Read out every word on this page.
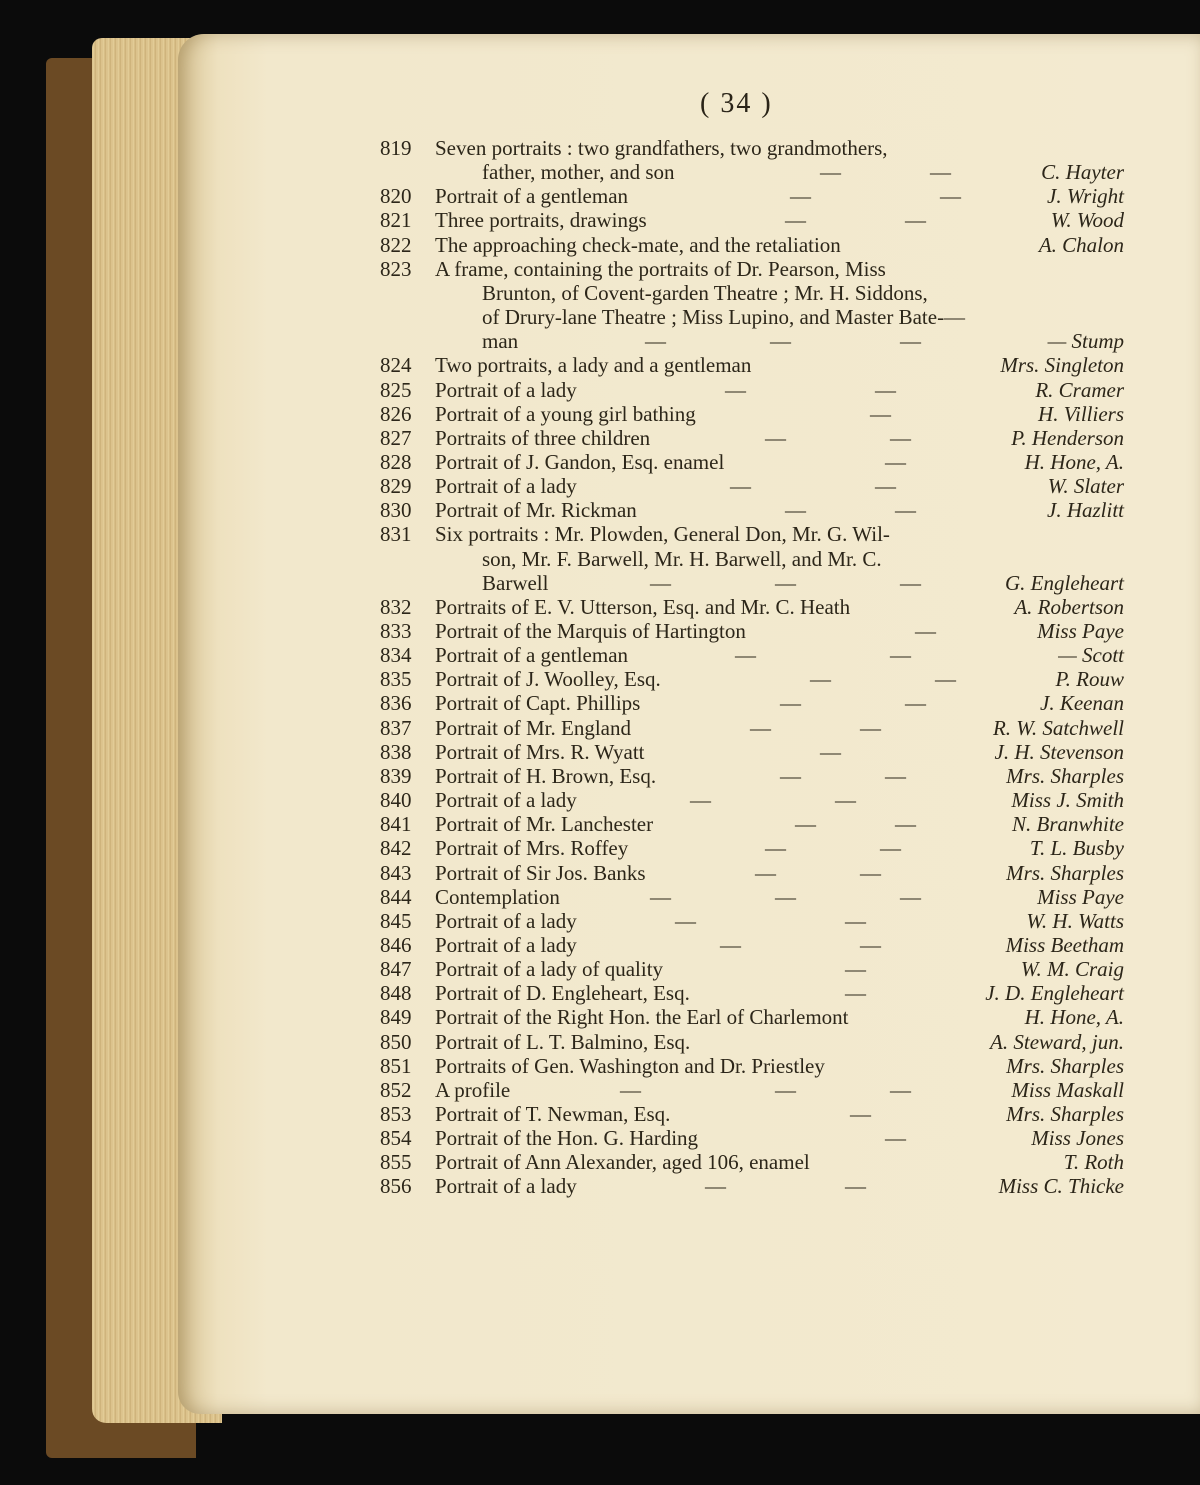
( 34 )
819	Seven portraits : two grandfathers, two grandmothers,
father, mother, and son	—	—	C. Hayter
820	Portrait of a gentleman	—	—	J. Wright
821	Three portraits, drawings	—	—	W. Wood
822	The approaching check-mate, and the retaliation	A. Chalon
823	A frame, containing the portraits of Dr. Pearson, Miss
Brunton, of Covent-garden Theatre ; Mr. H. Siddons,
of Drury-lane Theatre ; Miss Lupino, and Master Bate-—
man	—	—	—	— Stump
824	Two portraits, a lady and a gentleman	Mrs. Singleton
825	Portrait of a lady	—	—	R. Cramer
826	Portrait of a young girl bathing	—	H. Villiers
827	Portraits of three children	—	—	P. Henderson
828	Portrait of J. Gandon, Esq. enamel	—	H. Hone, A.
829	Portrait of a lady	—	—	W. Slater
830	Portrait of Mr. Rickman	—	—	J. Hazlitt
831	Six portraits : Mr. Plowden, General Don, Mr. G. Wil-
son, Mr. F. Barwell, Mr. H. Barwell, and Mr. C.
Barwell	—	—	—	G. Engleheart
832	Portraits of E. V. Utterson, Esq. and Mr. C. Heath	A. Robertson
833	Portrait of the Marquis of Hartington	—	Miss Paye
834	Portrait of a gentleman	—	—	— Scott
835	Portrait of J. Woolley, Esq.	—	—	P. Rouw
836	Portrait of Capt. Phillips	—	—	J. Keenan
837	Portrait of Mr. England	—	—	R. W. Satchwell
838	Portrait of Mrs. R. Wyatt	—	J. H. Stevenson
839	Portrait of H. Brown, Esq.	—	—	Mrs. Sharples
840	Portrait of a lady	—	—	Miss J. Smith
841	Portrait of Mr. Lanchester	—	—	N. Branwhite
842	Portrait of Mrs. Roffey	—	—	T. L. Busby
843	Portrait of Sir Jos. Banks	—	—	Mrs. Sharples
844	Contemplation	—	—	—	Miss Paye
845	Portrait of a lady	—	—	W. H. Watts
846	Portrait of a lady	—	—	Miss Beetham
847	Portrait of a lady of quality	—	W. M. Craig
848	Portrait of D. Engleheart, Esq.	—	J. D. Engleheart
849	Portrait of the Right Hon. the Earl of Charlemont	H. Hone, A.
850	Portrait of L. T. Balmino, Esq.	A. Steward, jun.
851	Portraits of Gen. Washington and Dr. Priestley	Mrs. Sharples
852	A profile	—	—	—	Miss Maskall
853	Portrait of T. Newman, Esq.	—	Mrs. Sharples
854	Portrait of the Hon. G. Harding	—	Miss Jones
855	Portrait of Ann Alexander, aged 106, enamel	T. Roth
856	Portrait of a lady	—	—	Miss C. Thicke
